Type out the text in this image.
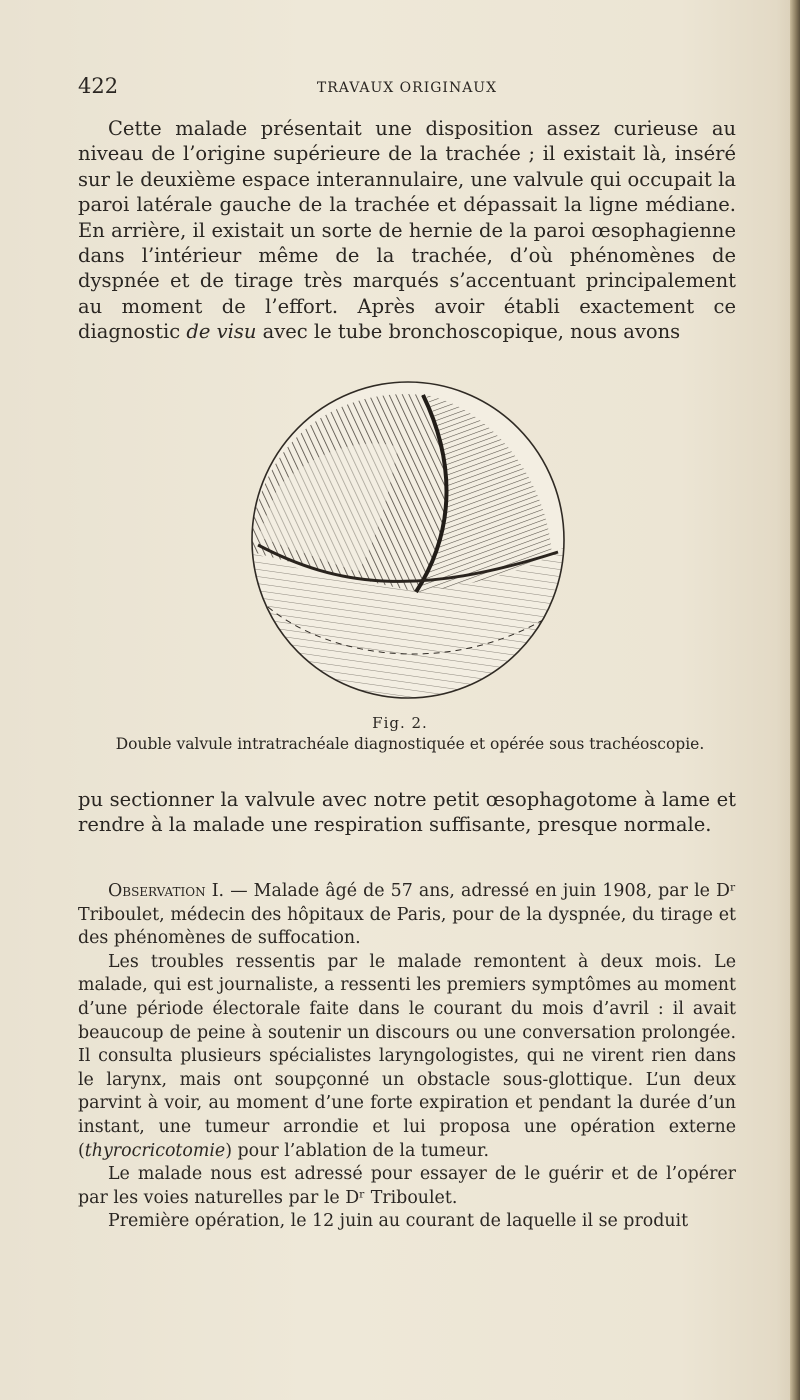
422	TRAVAUX ORIGINAUX

Cette malade présentait une disposition assez curieuse au niveau de l’origine supérieure de la trachée ; il existait là, inséré sur le deuxième espace interannulaire, une valvule qui occupait la paroi latérale gauche de la trachée et dépassait la ligne médiane. En arrière, il existait un sorte de hernie de la paroi œsophagienne dans l’intérieur même de la trachée, d’où phénomènes de dyspnée et de tirage très marqués s’accentuant principalement au moment de l’effort. Après avoir établi exactement ce diagnostic de visu avec le tube bronchoscopique, nous avons

Fig. 2.
Double valvule intratrachéale diagnostiquée et opérée sous trachéoscopie.

pu sectionner la valvule avec notre petit œsophagotome à lame et rendre à la malade une respiration suffisante, presque normale.

Observation I. — Malade âgé de 57 ans, adressé en juin 1908, par le Dʳ Triboulet, médecin des hôpitaux de Paris, pour de la dyspnée, du tirage et des phénomènes de suffocation.

Les troubles ressentis par le malade remontent à deux mois. Le malade, qui est journaliste, a ressenti les premiers symptômes au moment d’une période électorale faite dans le courant du mois d’avril : il avait beaucoup de peine à soutenir un discours ou une conversation prolongée. Il consulta plusieurs spécialistes laryngologistes, qui ne virent rien dans le larynx, mais ont soupçonné un obstacle sous-glottique. L’un deux parvint à voir, au moment d’une forte expiration et pendant la durée d’un instant, une tumeur arrondie et lui proposa une opération externe (thyrocricotomie) pour l’ablation de la tumeur.

Le malade nous est adressé pour essayer de le guérir et de l’opérer par les voies naturelles par le Dʳ Triboulet.

Première opération, le 12 juin au courant de laquelle il se produit
